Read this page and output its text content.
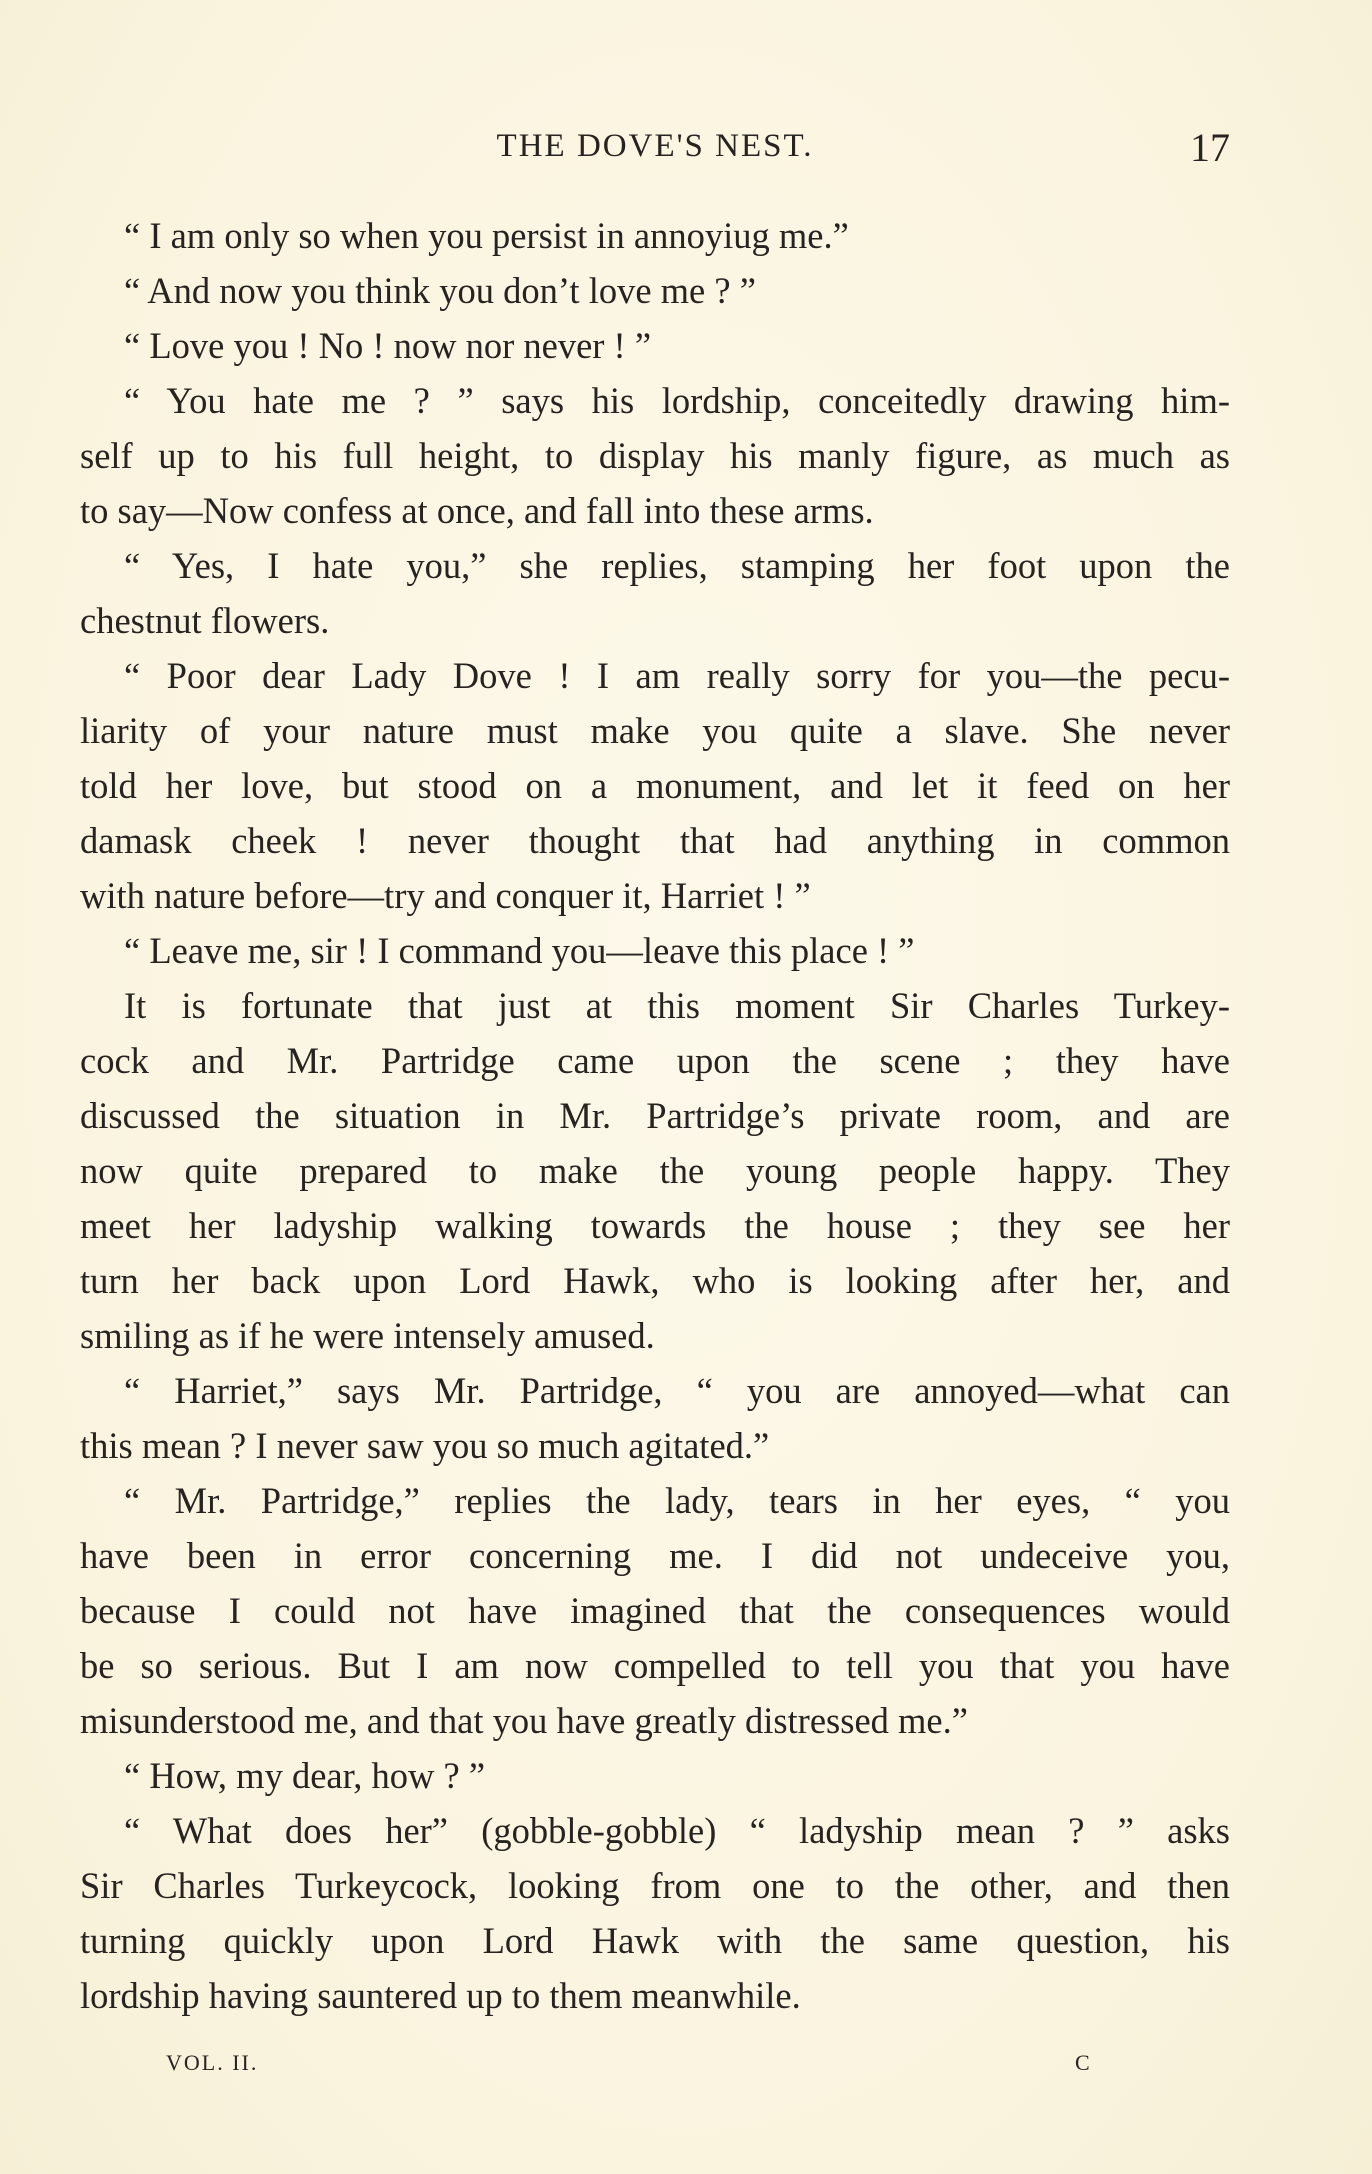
THE DOVE'S NEST.	17
“ I am only so when you persist in annoyiug me.”
“ And now you think you don’t love me ? ”
“ Love you ! No ! now nor never ! ”
“ You hate me ? ” says his lordship, conceitedly drawing him-
self up to his full height, to display his manly figure, as much as
to say—Now confess at once, and fall into these arms.
“ Yes, I hate you,” she replies, stamping her foot upon the
chestnut flowers.
“ Poor dear Lady Dove ! I am really sorry for you—the pecu-
liarity of your nature must make you quite a slave. She never
told her love, but stood on a monument, and let it feed on her
damask cheek ! never thought that had anything in common
with nature before—try and conquer it, Harriet ! ”
“ Leave me, sir ! I command you—leave this place ! ”
It is fortunate that just at this moment Sir Charles Turkey-
cock and Mr. Partridge came upon the scene ; they have
discussed the situation in Mr. Partridge’s private room, and are
now quite prepared to make the young people happy. They
meet her ladyship walking towards the house ; they see her
turn her back upon Lord Hawk, who is looking after her, and
smiling as if he were intensely amused.
“ Harriet,” says Mr. Partridge, “ you are annoyed—what can
this mean ? I never saw you so much agitated.”
“ Mr. Partridge,” replies the lady, tears in her eyes, “ you
have been in error concerning me. I did not undeceive you,
because I could not have imagined that the consequences would
be so serious. But I am now compelled to tell you that you have
misunderstood me, and that you have greatly distressed me.”
“ How, my dear, how ? ”
“ What does her” (gobble-gobble) “ ladyship mean ? ” asks
Sir Charles Turkeycock, looking from one to the other, and then
turning quickly upon Lord Hawk with the same question, his
lordship having sauntered up to them meanwhile.
VOL. II.	C
